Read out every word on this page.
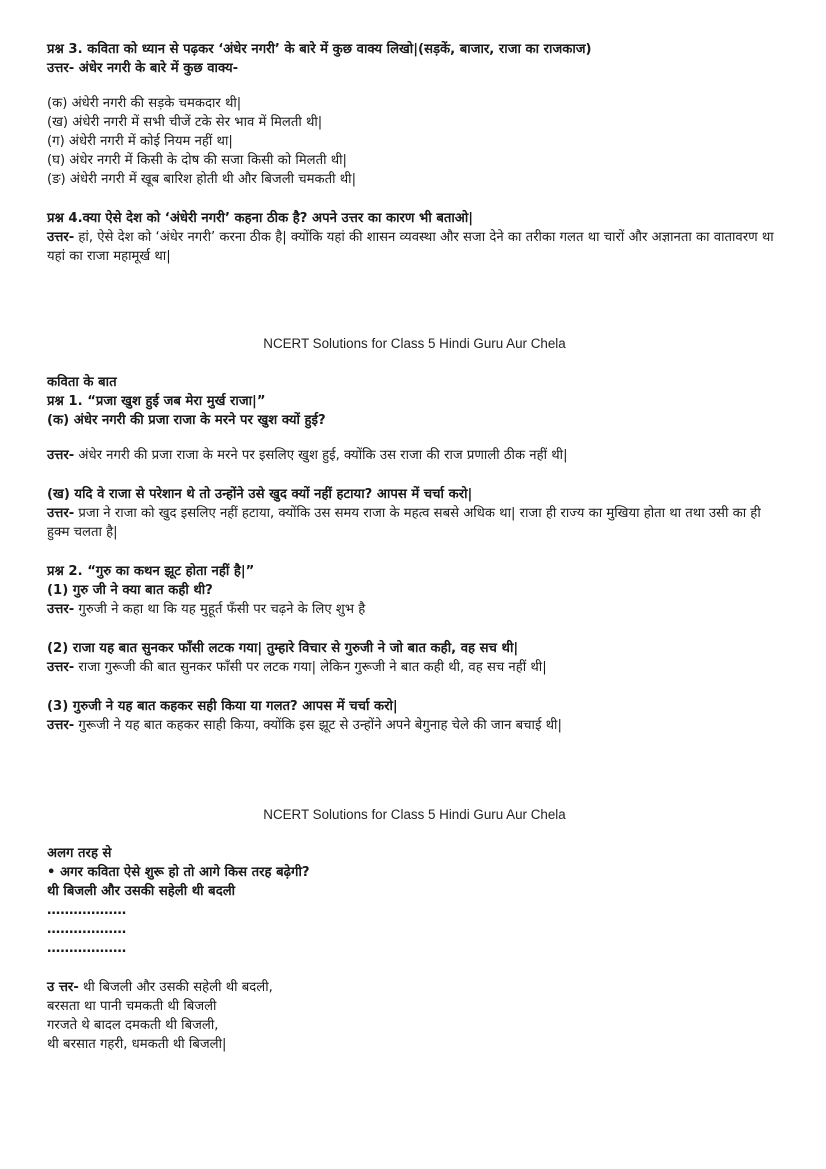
प्रश्न 3. कविता को ध्यान से पढ़कर ‘अंधेर नगरी’ के बारे में कुछ वाक्य लिखो|(सड़कें, बाजार, राजा का राजकाज)
उत्तर- अंधेर नगरी के बारे में कुछ वाक्य-
(क) अंधेरी नगरी की सड़के चमकदार थी|
(ख) अंधेरी नगरी में सभी चीजें टके सेर भाव में मिलती थी|
(ग) अंधेरी नगरी में कोई नियम नहीं था|
(घ) अंधेर नगरी में किसी के दोष की सजा किसी को मिलती थी|
(ङ) अंधेरी नगरी में खूब बारिश होती थी और बिजली चमकती थी|
प्रश्न 4.क्या ऐसे देश को ‘अंधेरी नगरी’ कहना ठीक है? अपने उत्तर का कारण भी बताओ|
उत्तर- हां, ऐसे देश को ‘अंधेर नगरी’ करना ठीक है| क्योंकि यहां की शासन व्यवस्था और सजा देने का तरीका गलत था चारों और अज्ञानता का वातावरण था यहां का राजा महामूर्ख था|
NCERT Solutions for Class 5 Hindi Guru Aur Chela
कविता के बात
प्रश्न 1. “प्रजा खुश हुई जब मेरा मुर्ख राजा|”
(क) अंधेर नगरी की प्रजा राजा के मरने पर खुश क्यों हुई?
उत्तर- अंधेर नगरी की प्रजा राजा के मरने पर इसलिए खुश हुई, क्योंकि उस राजा की राज प्रणाली ठीक नहीं थी|
(ख) यदि वे राजा से परेशान थे तो उन्होंने उसे खुद क्यों नहीं हटाया? आपस में चर्चा करो|
उत्तर- प्रजा ने राजा को खुद इसलिए नहीं हटाया, क्योंकि उस समय राजा के महत्व सबसे अधिक था| राजा ही राज्य का मुखिया होता था तथा उसी का ही हुक्म चलता है|
प्रश्न 2. “गुरु का कथन झूट होता नहीं है|”
(1) गुरु जी ने क्या बात कही थी?
उत्तर- गुरुजी ने कहा था कि यह मुहूर्त फँसी पर चढ़ने के लिए शुभ है
(2) राजा यह बात सुनकर फाँसी लटक गया| तुम्हारे विचार से गुरुजी ने जो बात कही, वह सच थी|
उत्तर- राजा गुरूजी की बात सुनकर फाँसी पर लटक गया| लेकिन गुरूजी ने बात कही थी, वह सच नहीं थी|
(3) गुरुजी ने यह बात कहकर सही किया या गलत? आपस में चर्चा करो|
उत्तर- गुरूजी ने यह बात कहकर साही किया, क्योंकि इस झूट से उन्होंने अपने बेगुनाह चेले की जान बचाई थी|
NCERT Solutions for Class 5 Hindi Guru Aur Chela
अलग तरह से
• अगर कविता ऐसे शुरू हो तो आगे किस तरह बढ़ेगी?
थी बिजली और उसकी सहेली थी बदली
………………
………………
………………
उ त्तर- थी बिजली और उसकी सहेली थी बदली,
बरसता था पानी चमकती थी बिजली
गरजते थे बादल दमकती थी बिजली,
थी बरसात गहरी, धमकती थी बिजली|
